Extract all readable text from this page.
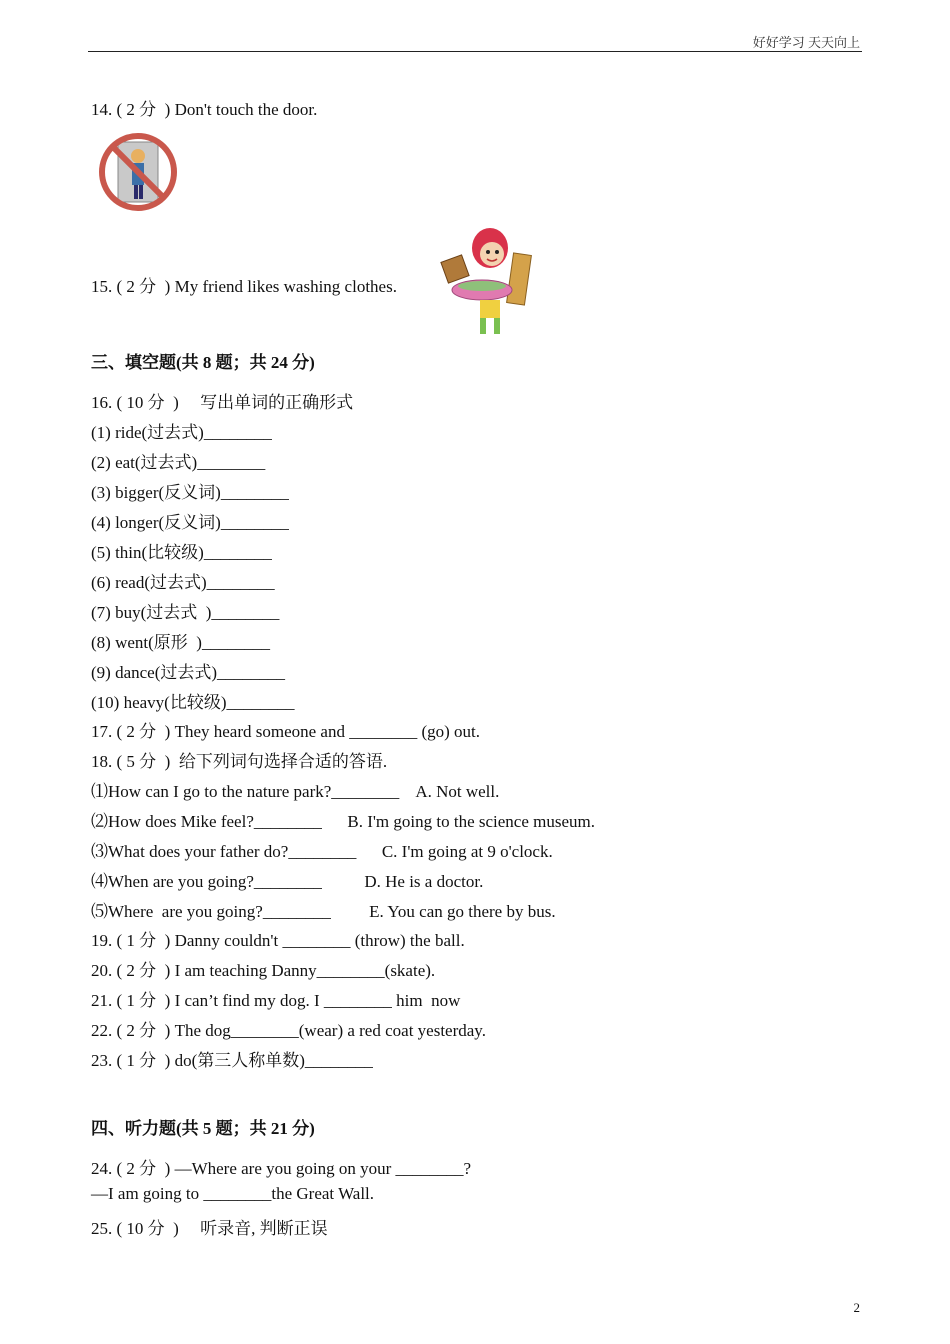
好好学习 天天向上
14. ( 2 分  ) Don't touch the door.
15. ( 2 分  ) My friend likes washing clothes.
三、填空题(共 8 题；共 24 分)
16. ( 10 分  )     写出单词的正确形式
(1) ride(过去式)________
(2) eat(过去式)________
(3) bigger(反义词)________
(4) longer(反义词)________
(5) thin(比较级)________
(6) read(过去式)________
(7) buy(过去式  )________
(8) went(原形  )________
(9) dance(过去式)________
(10) heavy(比较级)________
17. ( 2 分  ) They heard someone and ________ (go) out.
18. ( 5 分  )  给下列词句选择合适的答语.
⑴How can I go to the nature park?________    A. Not well.
⑵How does Mike feel?________      B. I'm going to the science museum.
⑶What does your father do?________      C. I'm going at 9 o'clock.
⑷When are you going?________          D. He is a doctor.
⑸Where  are you going?________         E. You can go there by bus.
19. ( 1 分  ) Danny couldn't ________ (throw) the ball.
20. ( 2 分  ) I am teaching Danny________(skate).
21. ( 1 分  ) I can’t find my dog. I ________ him  now
22. ( 2 分  ) The dog________(wear) a red coat yesterday.
23. ( 1 分  ) do(第三人称单数)________
四、听力题(共 5 题；共 21 分)
24. ( 2 分  ) —Where are you going on your ________?
—I am going to ________the Great Wall.
25. ( 10 分  )     听录音, 判断正误
2
